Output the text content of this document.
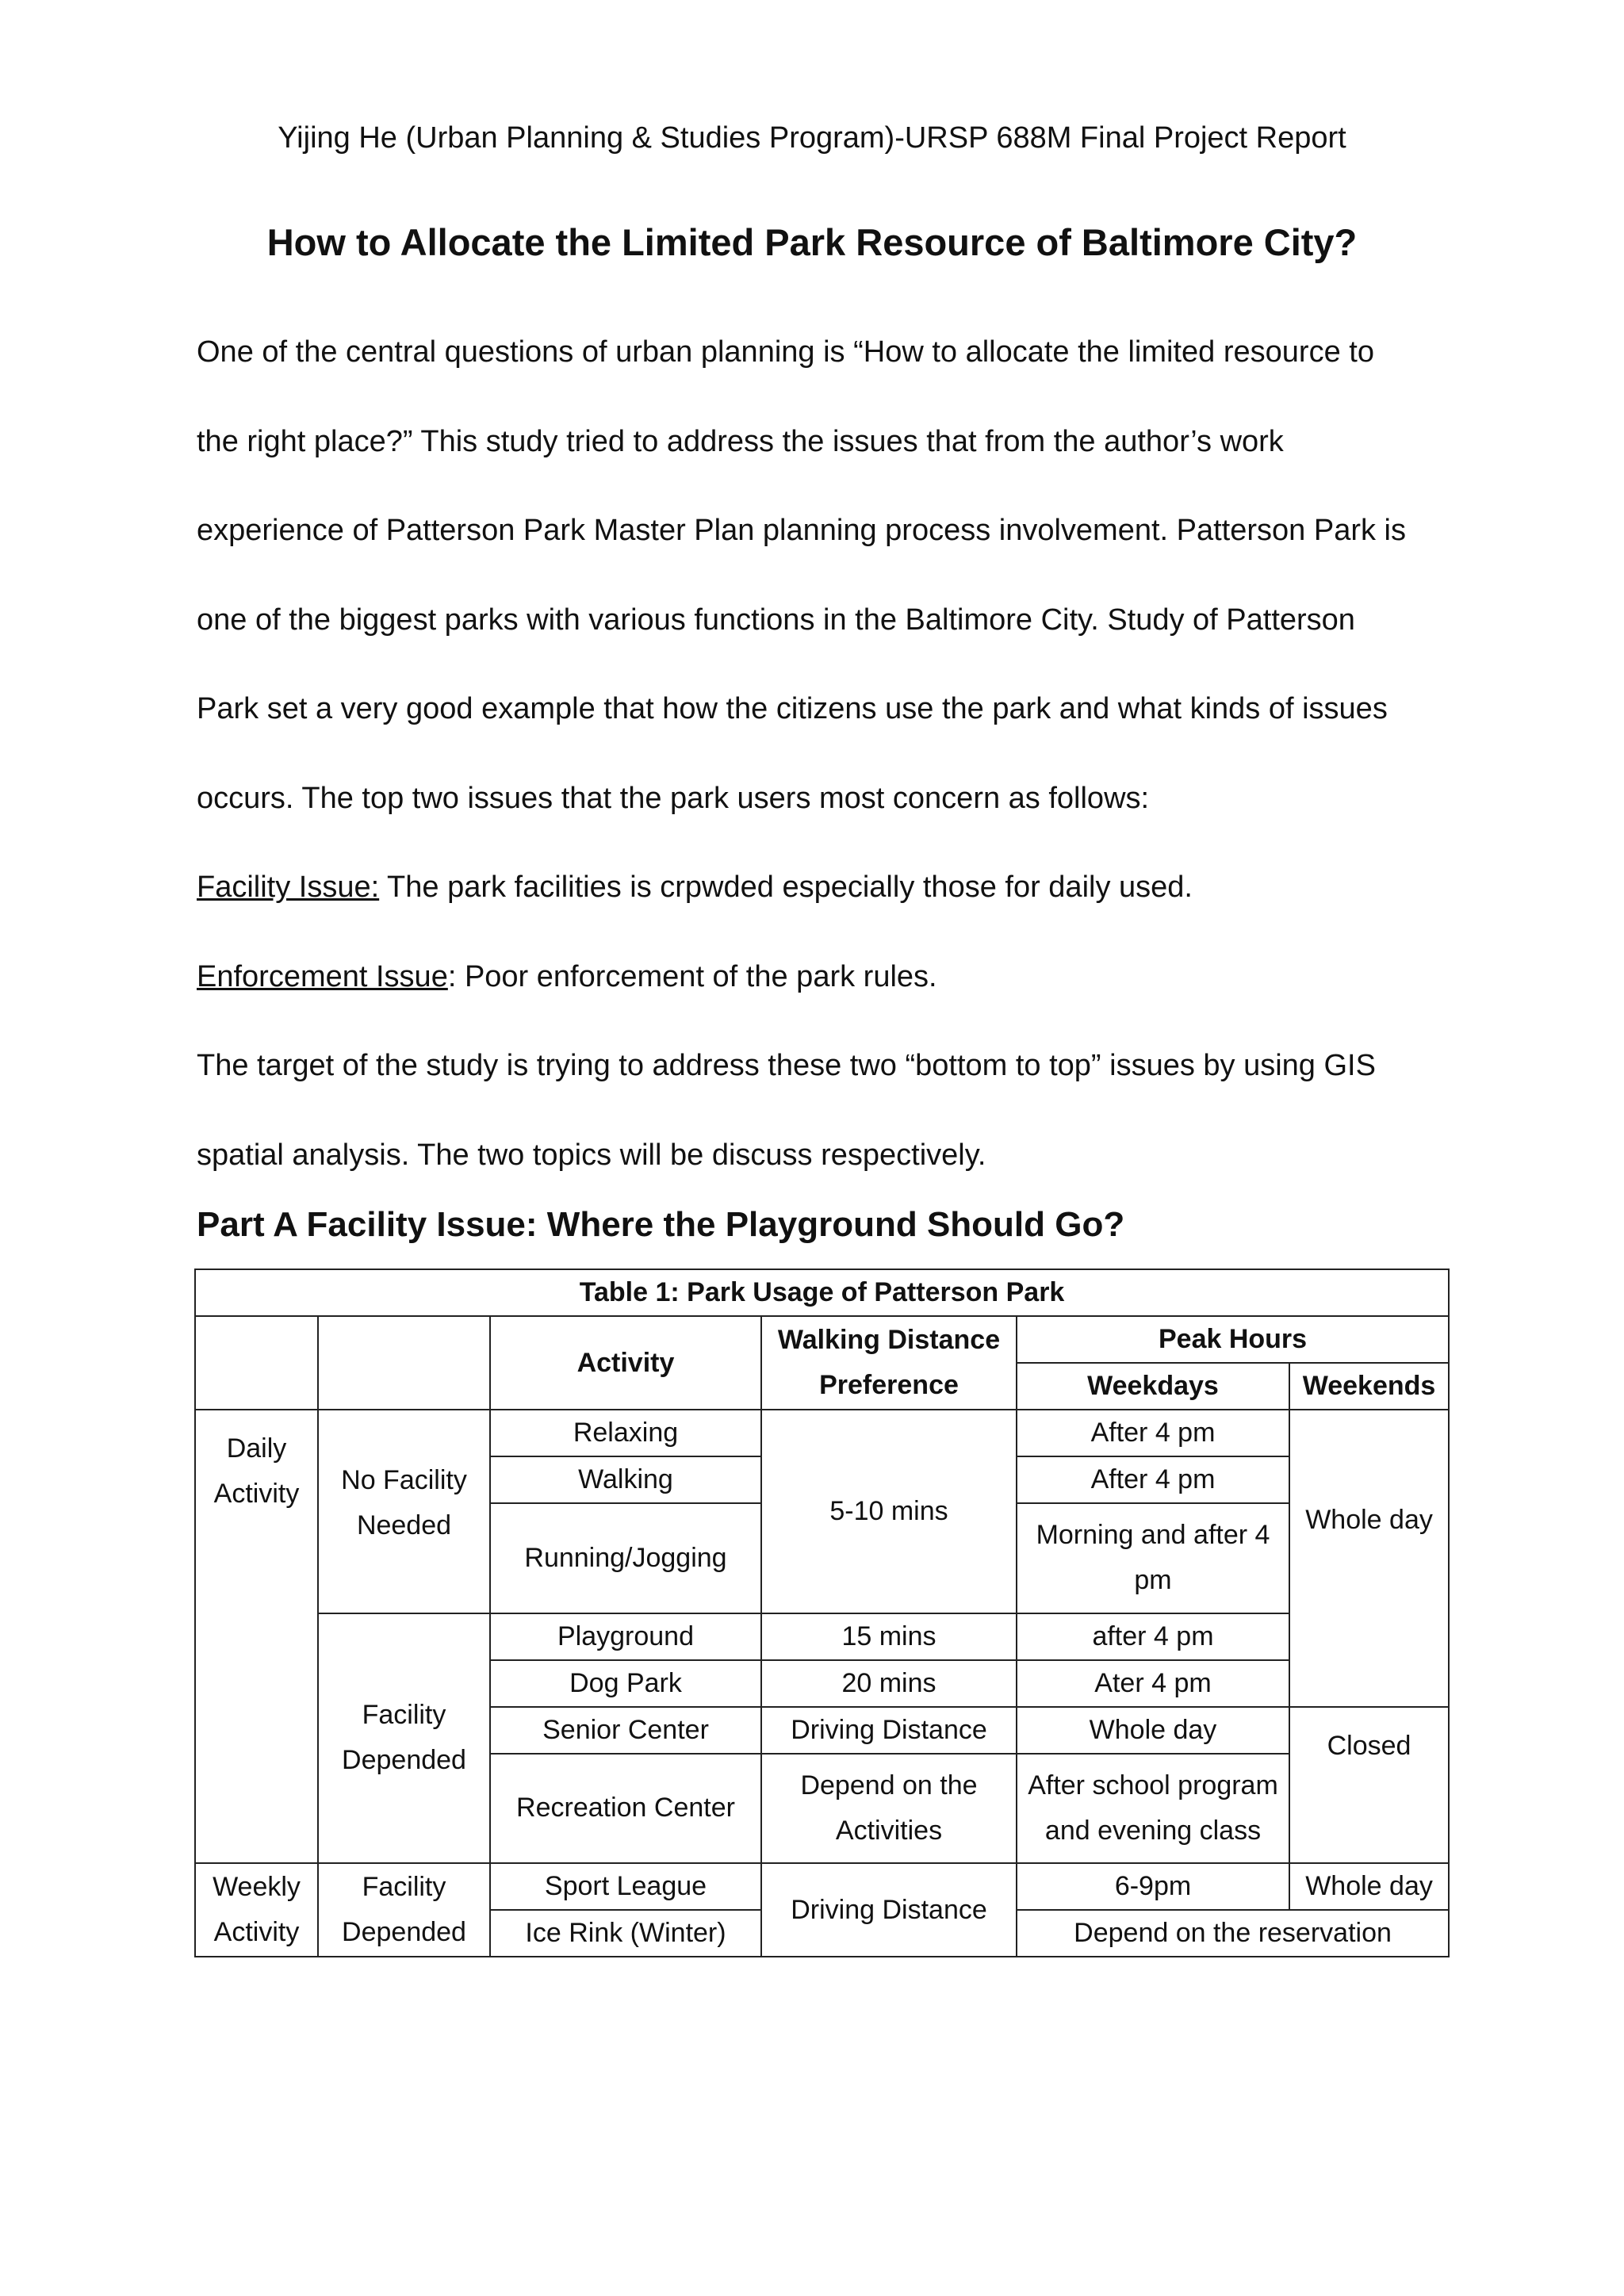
Yijing He (Urban Planning & Studies Program)-URSP 688M Final Project Report
How to Allocate the Limited Park Resource of Baltimore City?

One of the central questions of urban planning is “How to allocate the limited resource to

the right place?” This study tried to address the issues that from the author’s work

experience of Patterson Park Master Plan planning process involvement. Patterson Park is

one of the biggest parks with various functions in the Baltimore City. Study of Patterson

Park set a very good example that how the citizens use the park and what kinds of issues

occurs. The top two issues that the park users most concern as follows:

Facility Issue: The park facilities is crpwded especially those for daily used.

Enforcement Issue: Poor enforcement of the park rules.

The target of the study is trying to address these two “bottom to top” issues by using GIS

spatial analysis. The two topics will be discuss respectively.

Part A Facility Issue: Where the Playground Should Go?
Table 1: Park Usage of Patterson Park					
		Activity	Walking Distance Preference	Peak Hours	
				Weekdays	Weekends
Daily Activity	No Facility Needed	Relaxing	5-10 mins	After 4 pm	Whole day
		Walking		After 4 pm	
		Running/Jogging		Morning and after 4 pm	

	Facility Depended	Playground	15 mins	after 4 pm	
		Dog Park	20 mins	Ater 4 pm	
		Senior Center	Driving Distance	Whole day	Closed
		Recreation Center	Depend on the Activities	After school program and evening class	

Weekly Activity	Facility Depended	Sport League	Driving Distance	6-9pm	Whole day
		Ice Rink (Winter)		Depend on the reservation	
